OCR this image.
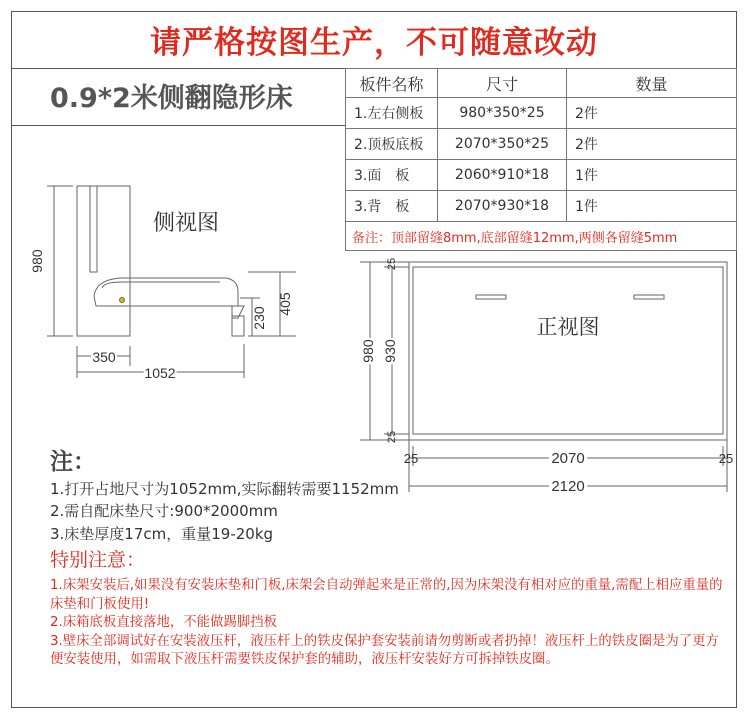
请严格按图生产，不可随意改动
0.9*2米侧翻隐形床	板件名称	尺寸	数量
1.左右侧板	980*350*25	2件
2.顶板底板	2070*350*25	2件
3.面　板	2060*910*18	1件
3.背　板	2070*930*18	1件
备注：顶部留缝8mm,底部留缝12mm,两侧各留缝5mm		
侧视图
980
405
230
350
1052
正视图
980 930
25
25
25	2070	25
2120
注：
1.打开占地尺寸为1052mm,实际翻转需要1152mm
2.需自配床垫尺寸:900*2000mm
3.床垫厚度17cm，重量19-20kg
特别注意：
1.床架安装后,如果没有安装床垫和门板,床架会自动弹起来是正常的,因为床架没有相对应的重量,需配上相应重量的床垫和门板使用!
2.床箱底板直接落地，不能做踢脚挡板
3.壁床全部调试好在安装液压杆，液压杆上的铁皮保护套安装前请勿剪断或者扔掉！液压杆上的铁皮圈是为了更方便安装使用，如需取下液压杆需要铁皮保护套的辅助，液压杆安装好方可拆掉铁皮圈。
